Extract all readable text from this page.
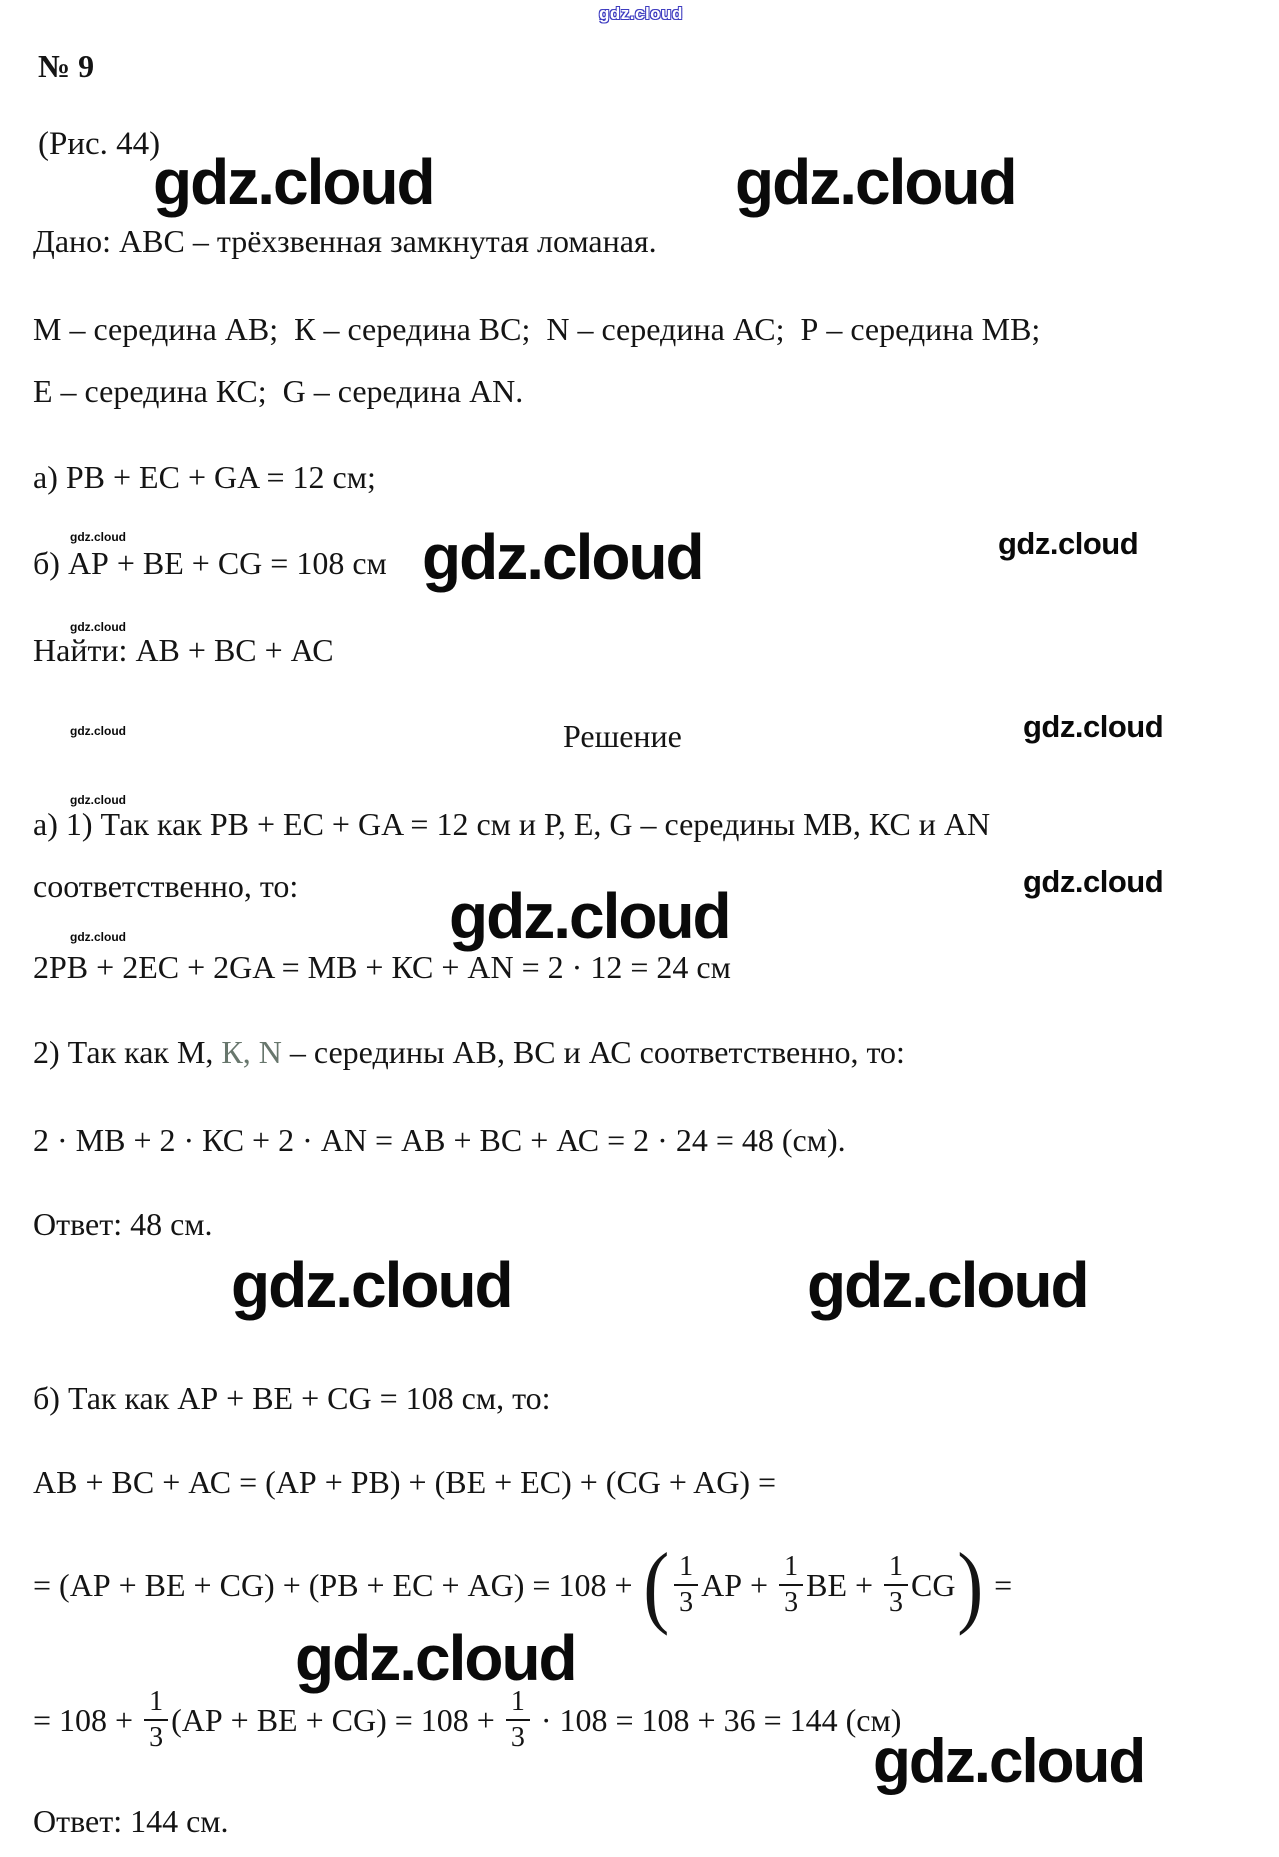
gdz.cloud
№ 9
(Рис. 44)
gdz.cloud	gdz.cloud
Дано: АВС – трёхзвенная замкнутая ломаная.
М – середина АВ;  К – середина ВС;  N – середина АС;  Р – середина МВ;
Е – середина КС;  G – середина AN.
а) РВ + ЕС + GA = 12 см;
gdz.cloud
б) АР + ВЕ + CG = 108 см gdz.cloud	gdz.cloud
gdz.cloud
Найти: АВ + ВС + АС
gdz.cloud	Решение	gdz.cloud
gdz.cloud
а) 1) Так как РВ + ЕС + GA = 12 см и Р, Е, G – середины МВ, КС и AN
соответственно, то:	gdz.cloud
gdz.cloud
gdz.cloud
2РВ + 2ЕС + 2GA = МВ + КС + AN = 2 · 12 = 24 см
2) Так как М, К, N – середины АВ, ВС и АС соответственно, то:
2 · МВ + 2 · КС + 2 · AN = АВ + ВС + АС = 2 · 24 = 48 (см).
Ответ: 48 см.
gdz.cloud	gdz.cloud
б) Так как АР + ВЕ + CG = 108 см, то:
АВ + ВС + АС = (АР + РВ) + (ВЕ + ЕС) + (CG + AG) =
= (АР + ВЕ + CG) + (РВ + ЕС + AG) = 108 + ( $\frac{1}{3}$ АР + $\frac{1}{3}$ ВЕ + $\frac{1}{3}$ CG ) =
gdz.cloud
= $108 + \frac{1}{3} (АР$ + ВЕ + $CG) = 108 + \frac{1}{3} \cdot 108 = 108 + 36 = 144$ (см)
gdz.cloud
Ответ: 144 см.
